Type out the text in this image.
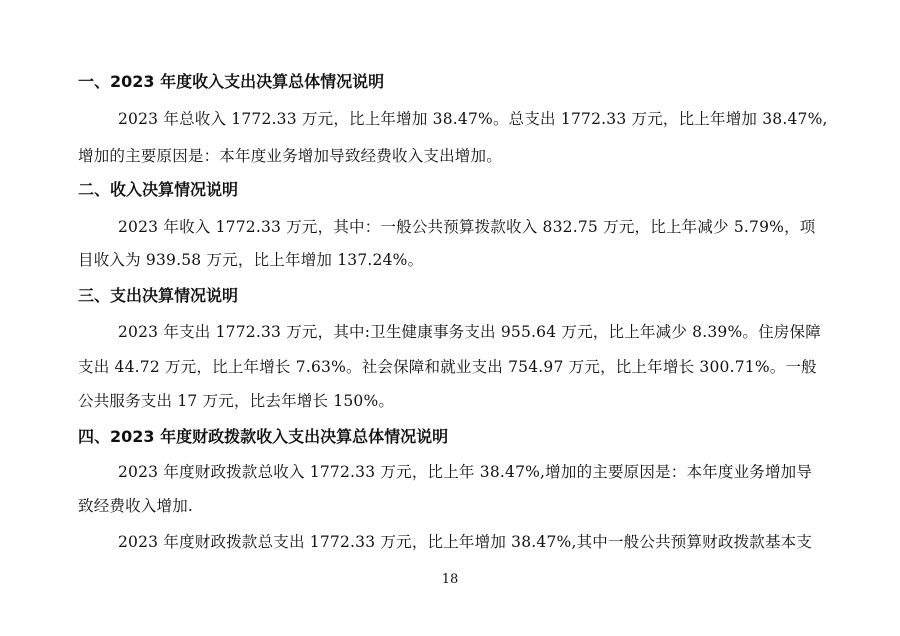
一、2023 年度收入支出决算总体情况说明
2023 年总收入 1772.33 万元，比上年增加 38.47%。总支出 1772.33 万元，比上年增加 38.47%,
增加的主要原因是：本年度业务增加导致经费收入支出增加。
二、收入决算情况说明
2023 年收入 1772.33 万元，其中：一般公共预算拨款收入 832.75 万元，比上年减少 5.79%，项
目收入为 939.58 万元，比上年增加 137.24%。
三、支出决算情况说明
2023 年支出 1772.33 万元，其中:卫生健康事务支出 955.64 万元，比上年减少 8.39%。住房保障
支出 44.72 万元，比上年增长 7.63%。社会保障和就业支出 754.97 万元，比上年增长 300.71%。一般
公共服务支出 17 万元，比去年增长 150%。
四、2023 年度财政拨款收入支出决算总体情况说明
2023 年度财政拨款总收入 1772.33 万元，比上年 38.47%,增加的主要原因是：本年度业务增加导
致经费收入增加.
2023 年度财政拨款总支出 1772.33 万元，比上年增加 38.47%,其中一般公共预算财政拨款基本支
18
